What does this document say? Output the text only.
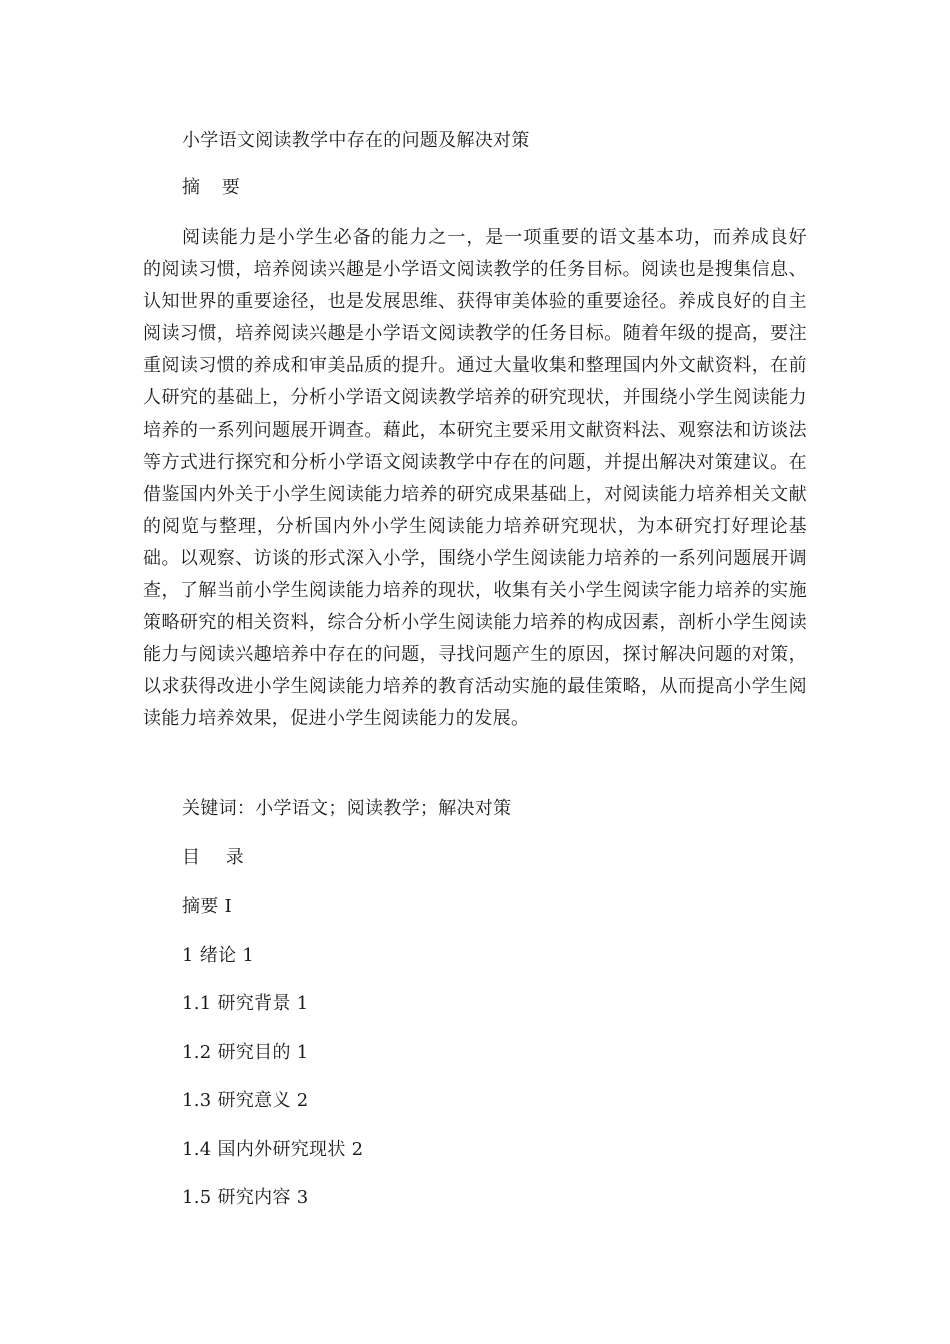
小学语文阅读教学中存在的问题及解决对策
摘 要

阅读能力是小学生必备的能力之一，是一项重要的语文基本功，而养成良好的阅读习惯，培养阅读兴趣是小学语文阅读教学的任务目标。阅读也是搜集信息、认知世界的重要途径，也是发展思维、获得审美体验的重要途径。养成良好的自主阅读习惯，培养阅读兴趣是小学语文阅读教学的任务目标。随着年级的提高，要注重阅读习惯的养成和审美品质的提升。通过大量收集和整理国内外文献资料，在前人研究的基础上，分析小学语文阅读教学培养的研究现状，并围绕小学生阅读能力培养的一系列问题展开调查。藉此，本研究主要采用文献资料法、观察法和访谈法等方式进行探究和分析小学语文阅读教学中存在的问题，并提出解决对策建议。在借鉴国内外关于小学生阅读能力培养的研究成果基础上，对阅读能力培养相关文献的阅览与整理，分析国内外小学生阅读能力培养研究现状，为本研究打好理论基础。以观察、访谈的形式深入小学，围绕小学生阅读能力培养的一系列问题展开调查，了解当前小学生阅读能力培养的现状，收集有关小学生阅读字能力培养的实施策略研究的相关资料，综合分析小学生阅读能力培养的构成因素，剖析小学生阅读能力与阅读兴趣培养中存在的问题，寻找问题产生的原因，探讨解决问题的对策，以求获得改进小学生阅读能力培养的教育活动实施的最佳策略，从而提高小学生阅读能力培养效果，促进小学生阅读能力的发展。

关键词：小学语文；阅读教学；解决对策
目 录
摘要 I
1 绪论 1
1.1 研究背景 1
1.2 研究目的 1
1.3 研究意义 2
1.4 国内外研究现状 2
1.5 研究内容 3
